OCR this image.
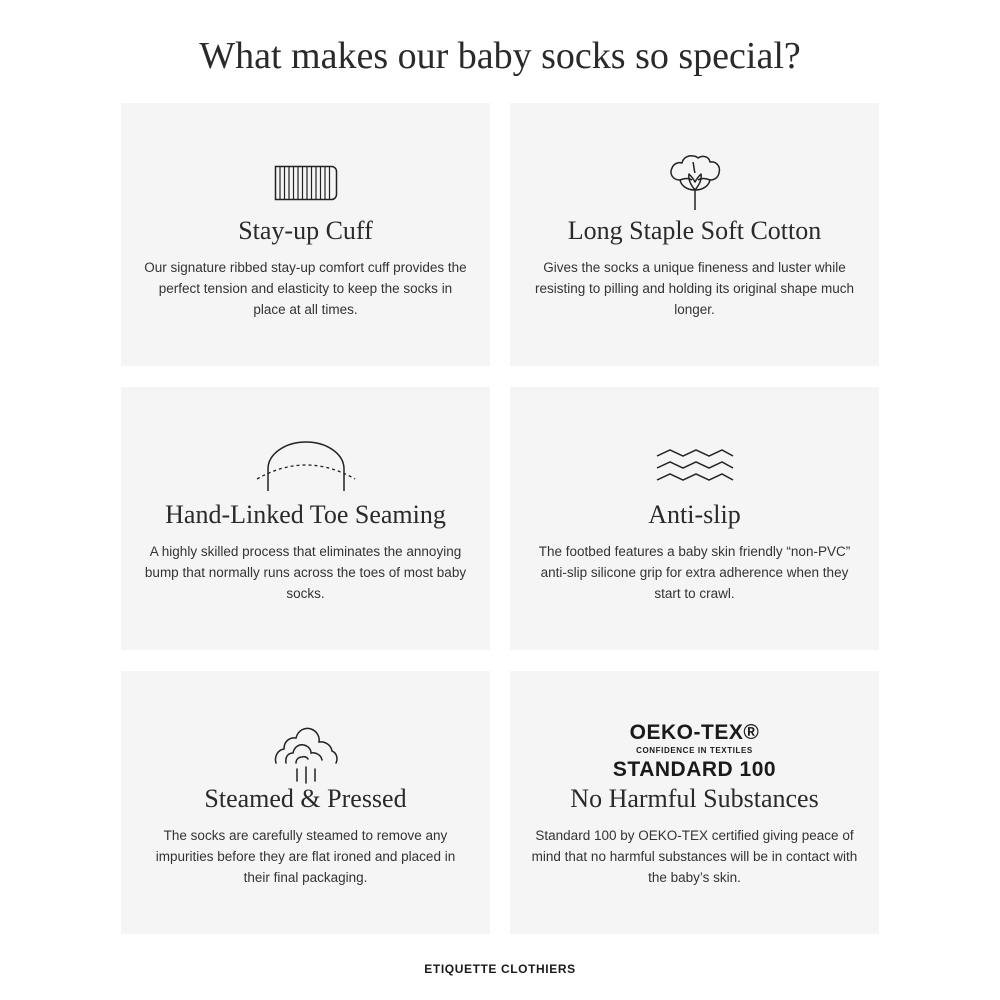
What makes our baby socks so special?
Stay-up Cuff
Our signature ribbed stay-up comfort cuff provides the perfect tension and elasticity to keep the socks in place at all times.
Long Staple Soft Cotton
Gives the socks a unique fineness and luster while resisting to pilling and holding its original shape much longer.
Hand-Linked Toe Seaming
A highly skilled process that eliminates the annoying bump that normally runs across the toes of most baby socks.
Anti-slip
The footbed features a baby skin friendly “non-PVC” anti-slip silicone grip for extra adherence when they start to crawl.
Steamed & Pressed
The socks are carefully steamed to remove any impurities before they are flat ironed and placed in their final packaging.
OEKO-TEX®
CONFIDENCE IN TEXTILES
STANDARD 100
No Harmful Substances
Standard 100 by OEKO-TEX certified giving peace of mind that no harmful substances will be in contact with the baby’s skin.
ETIQUETTE CLOTHIERS
